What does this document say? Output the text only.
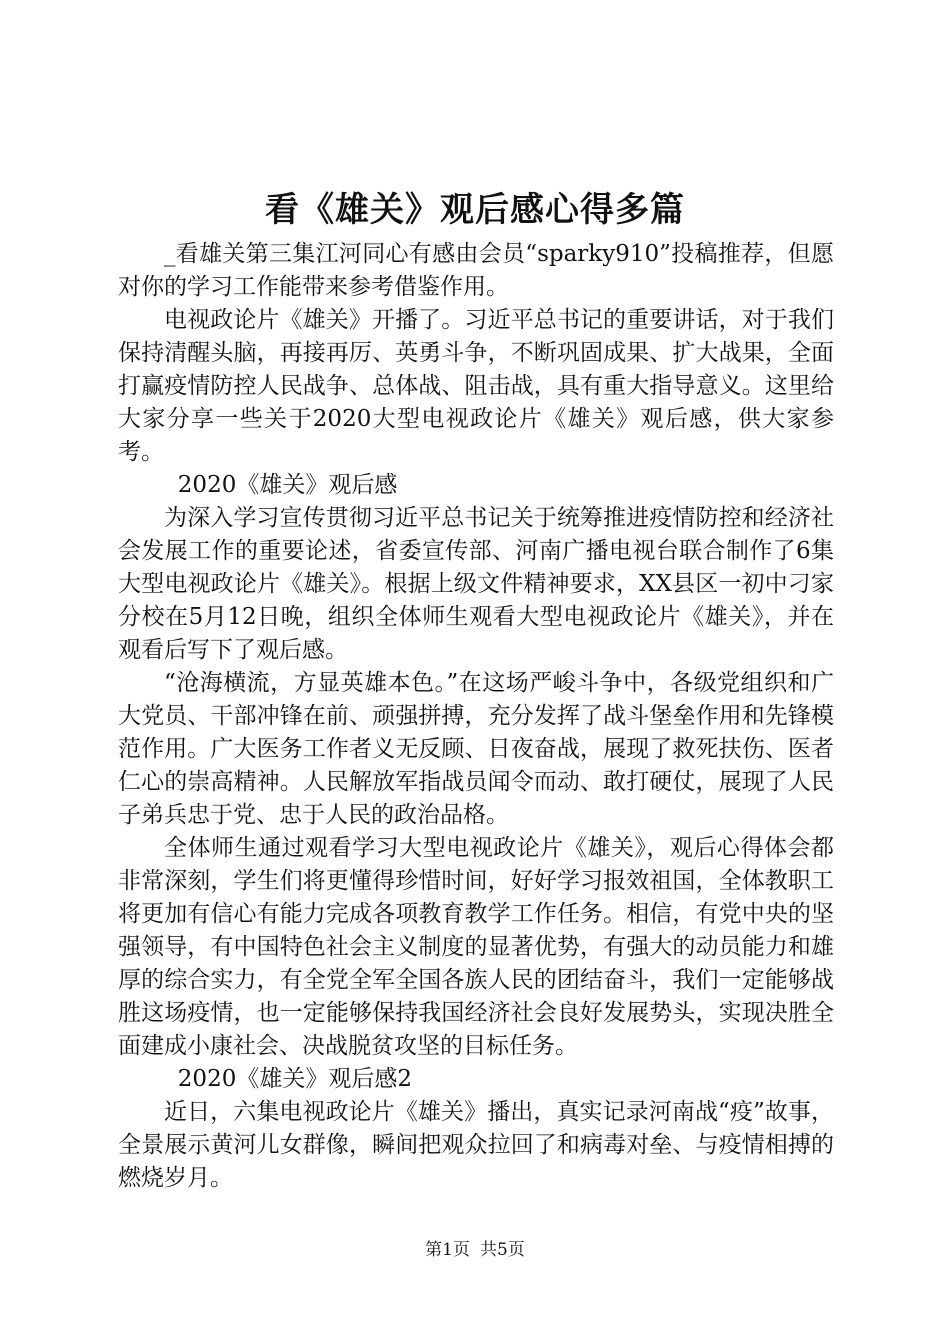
看《雄关》观后感心得多篇

_看雄关第三集江河同心有感由会员“sparky910”投稿推荐，但愿对你的学习工作能带来参考借鉴作用。

电视政论片《雄关》开播了。习近平总书记的重要讲话，对于我们保持清醒头脑，再接再厉、英勇斗争，不断巩固成果、扩大战果，全面打赢疫情防控人民战争、总体战、阻击战，具有重大指导意义。这里给大家分享一些关于2020大型电视政论片《雄关》观后感，供大家参考。

2020《雄关》观后感

为深入学习宣传贯彻习近平总书记关于统筹推进疫情防控和经济社会发展工作的重要论述，省委宣传部、河南广播电视台联合制作了6集大型电视政论片《雄关》。根据上级文件精神要求，XX县区一初中刁家分校在5月12日晚，组织全体师生观看大型电视政论片《雄关》，并在观看后写下了观后感。

“沧海横流，方显英雄本色。”在这场严峻斗争中，各级党组织和广大党员、干部冲锋在前、顽强拼搏，充分发挥了战斗堡垒作用和先锋模范作用。广大医务工作者义无反顾、日夜奋战，展现了救死扶伤、医者仁心的崇高精神。人民解放军指战员闻令而动、敢打硬仗，展现了人民子弟兵忠于党、忠于人民的政治品格。

全体师生通过观看学习大型电视政论片《雄关》，观后心得体会都非常深刻，学生们将更懂得珍惜时间，好好学习报效祖国，全体教职工将更加有信心有能力完成各项教育教学工作任务。相信，有党中央的坚强领导，有中国特色社会主义制度的显著优势，有强大的动员能力和雄厚的综合实力，有全党全军全国各族人民的团结奋斗，我们一定能够战胜这场疫情，也一定能够保持我国经济社会良好发展势头，实现决胜全面建成小康社会、决战脱贫攻坚的目标任务。

2020《雄关》观后感2

近日，六集电视政论片《雄关》播出，真实记录河南战“疫”故事，全景展示黄河儿女群像，瞬间把观众拉回了和病毒对垒、与疫情相搏的燃烧岁月。

第1页 共5页
